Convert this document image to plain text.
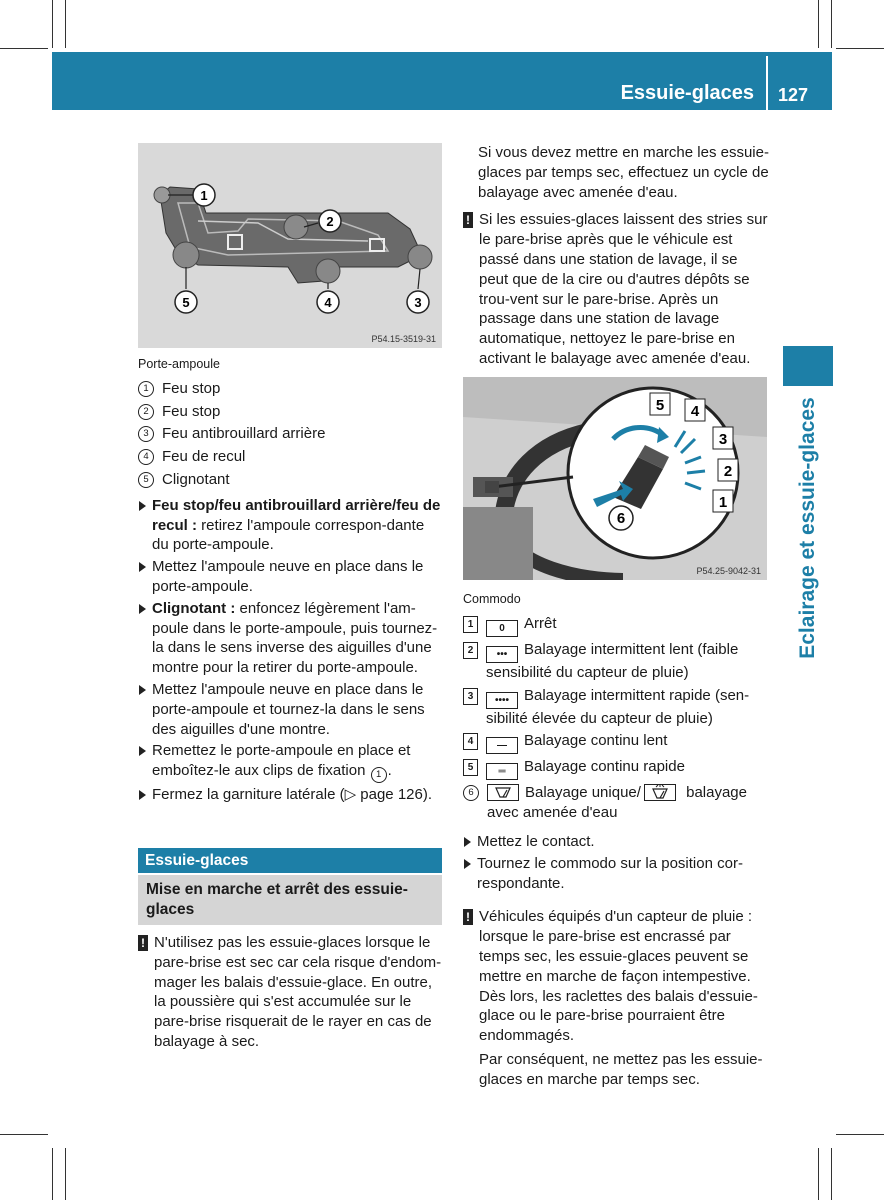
Essuie-glaces 127
Eclairage et essuie-glaces
1
2
3
4
5
P54.15-3519-31
Porte-ampoule
1 Feu stop
2 Feu stop
3 Feu antibrouillard arrière
4 Feu de recul
5 Clignotant
Feu stop/feu antibrouillard arrière/feu de recul : retirez l'ampoule correspon-dante du porte-ampoule.
Mettez l'ampoule neuve en place dans le porte-ampoule.
Clignotant : enfoncez légèrement l'am-poule dans le porte-ampoule, puis tournez-la dans le sens inverse des aiguilles d'une montre pour la retirer du porte-ampoule.
Mettez l'ampoule neuve en place dans le porte-ampoule et tournez-la dans le sens des aiguilles d'une montre.
Remettez le porte-ampoule en place et emboîtez-le aux clips de fixation 1 .
Fermez la garniture latérale (▷ page 126).
Essuie-glaces
Mise en marche et arrêt des essuie-glaces
! N'utilisez pas les essuie-glaces lorsque le pare-brise est sec car cela risque d'endom-mager les balais d'essuie-glace. En outre, la poussière qui s'est accumulée sur le pare-brise risquerait de le rayer en cas de balayage à sec.
Si vous devez mettre en marche les essuie-glaces par temps sec, effectuez un cycle de balayage avec amenée d'eau.
! Si les essuies-glaces laissent des stries sur le pare-brise après que le véhicule est passé dans une station de lavage, il se peut que de la cire ou d'autres dépôts se trou-vent sur le pare-brise. Après un passage dans une station de lavage automatique, nettoyez le pare-brise en activant le balayage avec amenée d'eau.
5 4
3
2
1
6
P54.25-9042-31
Commodo
1	0 Arrêt
2	••• Balayage intermittent lent (faible sensibilité du capteur de pluie)
3	•••• Balayage intermittent rapide (sen-sibilité élevée du capteur de pluie)
4	— Balayage continu lent
5	═ Balayage continu rapide
6	Balayage unique/	balayage avec amenée d'eau
Mettez le contact.
Tournez le commodo sur la position cor-respondante.
! Véhicules équipés d'un capteur de pluie : lorsque le pare-brise est encrassé par temps sec, les essuie-glaces peuvent se mettre en marche de façon intempestive. Dès lors, les raclettes des balais d'essuie-glace ou le pare-brise pourraient être endommagés.
Par conséquent, ne mettez pas les essuie-glaces en marche par temps sec.
